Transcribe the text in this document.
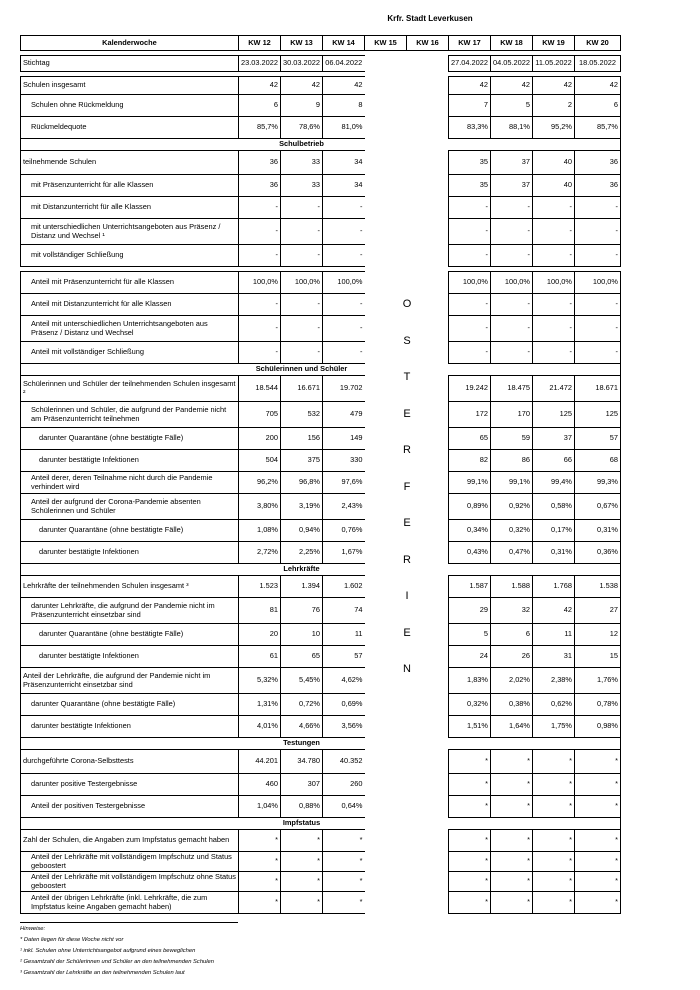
Krfr. Stadt Leverkusen
Kalenderwoche	KW 12	KW 13	KW 14	KW 15	KW 16	KW 17	KW 18	KW 19	KW 20

Stichtag	23.03.2022	30.03.2022	06.04.2022			27.04.2022	04.05.2022	11.05.2022	18.05.2022

Schulen insgesamt	42	42	42			42	42	42	42
Schulen ohne Rückmeldung	6	9	8			7	5	2	6
Rückmeldequote	85,7%	78,6%	81,0%			83,3%	88,1%	95,2%	85,7%
	Schulbetrieb								
teilnehmende Schulen	36	33	34			35	37	40	36
mit Präsenzunterricht für alle Klassen	36	33	34			35	37	40	36
mit Distanzunterricht für alle Klassen	-	-	-			-	-	-	-
mit unterschiedlichen Unterrichtsangeboten aus Präsenz / Distanz und Wechsel ¹	-	-	-			-	-	-	-
mit vollständiger Schließung	-	-	-			-	-	-	-

Anteil mit Präsenzunterricht für alle Klassen	100,0%	100,0%	100,0%			100,0%	100,0%	100,0%	100,0%
Anteil mit Distanzunterricht für alle Klassen	-	-	-			-	-	-	-
Anteil mit unterschiedlichen Unterrichtsangeboten aus Präsenz / Distanz und Wechsel	-	-	-			-	-	-	-
Anteil mit vollständiger Schließung	-	-	-			-	-	-	-
	Schülerinnen und Schüler								
Schülerinnen und Schüler der teilnehmenden Schulen insgesamt ²	18.544	16.671	19.702			19.242	18.475	21.472	18.671
Schülerinnen und Schüler, die aufgrund der Pandemie nicht am Präsenzunterricht teilnehmen	705	532	479			172	170	125	125
darunter Quarantäne (ohne bestätigte Fälle)	200	156	149			65	59	37	57
darunter bestätigte Infektionen	504	375	330			82	86	66	68
Anteil derer, deren Teilnahme nicht durch die Pandemie verhindert wird	96,2%	96,8%	97,6%			99,1%	99,1%	99,4%	99,3%
Anteil der aufgrund der Corona-Pandemie absenten Schülerinnen und Schüler	3,80%	3,19%	2,43%			0,89%	0,92%	0,58%	0,67%
darunter Quarantäne (ohne bestätigte Fälle)	1,08%	0,94%	0,76%			0,34%	0,32%	0,17%	0,31%
darunter bestätigte Infektionen	2,72%	2,25%	1,67%			0,43%	0,47%	0,31%	0,36%
	Lehrkräfte								
Lehrkräfte der teilnehmenden Schulen insgesamt ³	1.523	1.394	1.602			1.587	1.588	1.768	1.538
darunter Lehrkräfte, die aufgrund der Pandemie nicht im Präsenzunterricht einsetzbar sind	81	76	74			29	32	42	27
darunter Quarantäne (ohne bestätigte Fälle)	20	10	11			5	6	11	12
darunter bestätigte Infektionen	61	65	57			24	26	31	15
Anteil der Lehrkräfte, die aufgrund der Pandemie nicht im Präsenzunterricht einsetzbar sind	5,32%	5,45%	4,62%			1,83%	2,02%	2,38%	1,76%
darunter Quarantäne (ohne bestätigte Fälle)	1,31%	0,72%	0,69%			0,32%	0,38%	0,62%	0,78%
darunter bestätigte Infektionen	4,01%	4,66%	3,56%			1,51%	1,64%	1,75%	0,98%
	Testungen								
durchgeführte Corona-Selbsttests	44.201	34.780	40.352			*	*	*	*
darunter positive Testergebnisse	460	307	260			*	*	*	*
Anteil der positiven Testergebnisse	1,04%	0,88%	0,64%			*	*	*	*
	Impfstatus								
Zahl der Schulen, die Angaben zum Impfstatus gemacht haben	*	*	*			*	*	*	*
Anteil der Lehrkräfte mit vollständigem Impfschutz und Status geboostert	*	*	*			*	*	*	*
Anteil der Lehrkräfte mit vollständigem Impfschutz ohne Status geboostert	*	*	*			*	*	*	*
Anteil der übrigen Lehrkräfte (inkl. Lehrkräfte, die zum Impfstatus keine Angaben gemacht haben)	*	*	*			*	*	*	*
O
S
T
E
R
F
E
R
I
E
N
Hinweise:
* Daten liegen für diese Woche nicht vor
¹ inkl. Schulen ohne Unterrichtsangebot aufgrund eines beweglichen
² Gesamtzahl der Schülerinnen und Schüler an den teilnehmenden Schulen
³ Gesamtzahl der Lehrkräfte an den teilnehmenden Schulen laut
